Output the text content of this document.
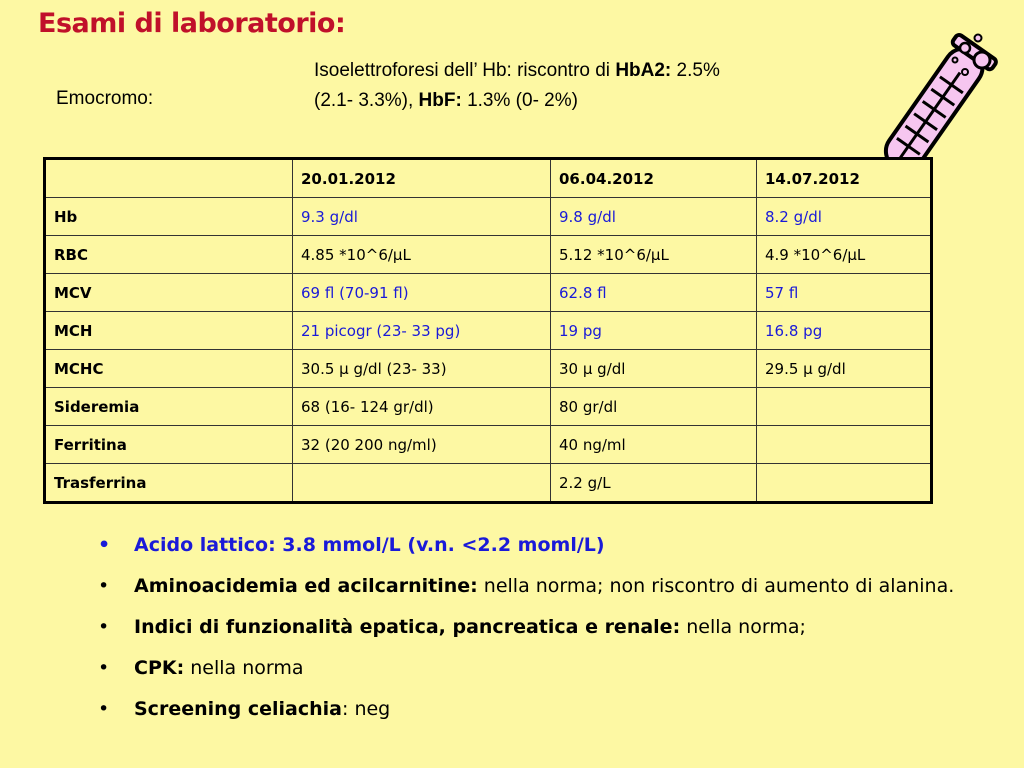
Esami di laboratorio:
Emocromo:
Isoelettroforesi dell’ Hb: riscontro di HbA2: 2.5%
(2.1- 3.3%), HbF: 1.3% (0- 2%)
	20.01.2012	06.04.2012	14.07.2012
Hb	9.3 g/dl	9.8 g/dl	8.2 g/dl
RBC	4.85 *10^6/µL	5.12 *10^6/µL	4.9 *10^6/µL
MCV	69 fl (70-91 fl)	62.8 fl	57 fl
MCH	21 picogr (23- 33 pg)	19 pg	16.8 pg
MCHC	30.5 µ g/dl (23- 33)	30 µ g/dl	29.5 µ g/dl
Sideremia	68 (16- 124 gr/dl)	80 gr/dl	
Ferritina	32 (20 200 ng/ml)	40 ng/ml	
Trasferrina		2.2 g/L	
• Acido lattico: 3.8 mmol/L (v.n. <2.2 moml/L)
• Aminoacidemia ed acilcarnitine: nella norma; non riscontro di aumento di alanina.
• Indici di funzionalità epatica, pancreatica e renale: nella norma;
• CPK: nella norma
• Screening celiachia: neg
